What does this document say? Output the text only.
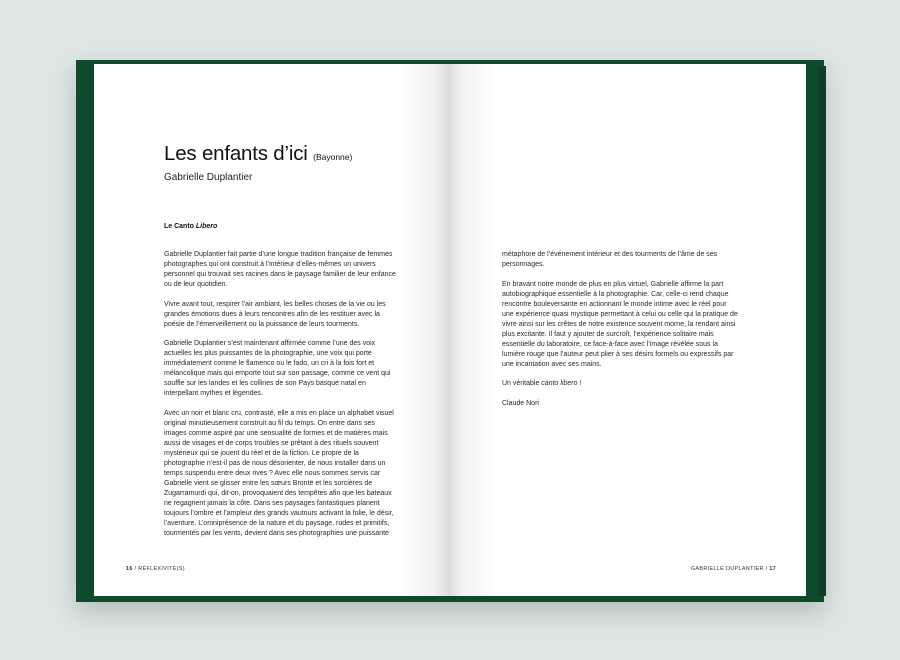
Les enfants d’ici (Bayonne)
Gabrielle Duplantier
Le Canto Libero

Gabrielle Duplantier fait partie d’une longue tradition française de femmes photographes qui ont construit à l’intérieur d’elles-mêmes un univers personnel qui trouvait ses racines dans le paysage familier de leur enfance ou de leur quotidien.

Vivre avant tout, respirer l’air ambiant, les belles choses de la vie ou les grandes émotions dues à leurs rencontres afin de les restituer avec la poésie de l’émerveillement ou la puissance de leurs tourments.

Gabrielle Duplantier s’est maintenant affirmée comme l’une des voix actuelles les plus puissantes de la photographie, une voix qui porte immédiatement comme le flamenco ou le fado, un cri à la fois fort et mélancolique mais qui emporte tout sur son passage, comme ce vent qui souffle sur les landes et les collines de son Pays basque natal en interpellant mythes et légendes.

Avec un noir et blanc cru, contrasté, elle a mis en place un alphabet visuel original minutieusement construit au fil du temps. On entre dans ses images comme aspiré par une sensualité de formes et de matières mais aussi de visages et de corps troubles se prêtant à des rituels souvent mystérieux qui se jouent du réel et de la fiction. Le propre de la photographie n’est-il pas de nous désorienter, de nous installer dans un temps suspendu entre deux rives ? Avec elle nous sommes servis car Gabrielle vient se glisser entre les sœurs Brontë et les sorcières de Zugarramurdi qui, dit-on, provoquaient des tempêtes afin que les bateaux ne regagnent jamais la côte. Dans ses paysages fantastiques planent toujours l’ombre et l’ampleur des grands vautours activant la folie, le désir, l’aventure. L’omniprésence de la nature et du paysage, rudes et primitifs, tourmentés par les vents, devient dans ses photographies une puissante

16 / RÉFLEXIVITÉ(S)

métaphore de l’événement intérieur et des tourments de l’âme de ses personnages.

En bravant notre monde de plus en plus virtuel, Gabrielle affirme la part autobiographique essentielle à la photographie. Car, celle-ci rend chaque rencontre bouleversante en actionnant le monde intime avec le réel pour une expérience quasi mystique permettant à celui ou celle qui la pratique de vivre ainsi sur les crêtes de notre existence souvent morne, la rendant ainsi plus excitante. Il faut y ajouter de surcroît, l’expérience solitaire mais essentielle du laboratoire, ce face-à-face avec l’image révélée sous la lumière rouge que l’auteur peut plier à ses désirs formels ou expressifs par une incantation avec ses mains.

Un véritable canto libero !

Claude Nori

GABRIELLE DUPLANTIER / 17
